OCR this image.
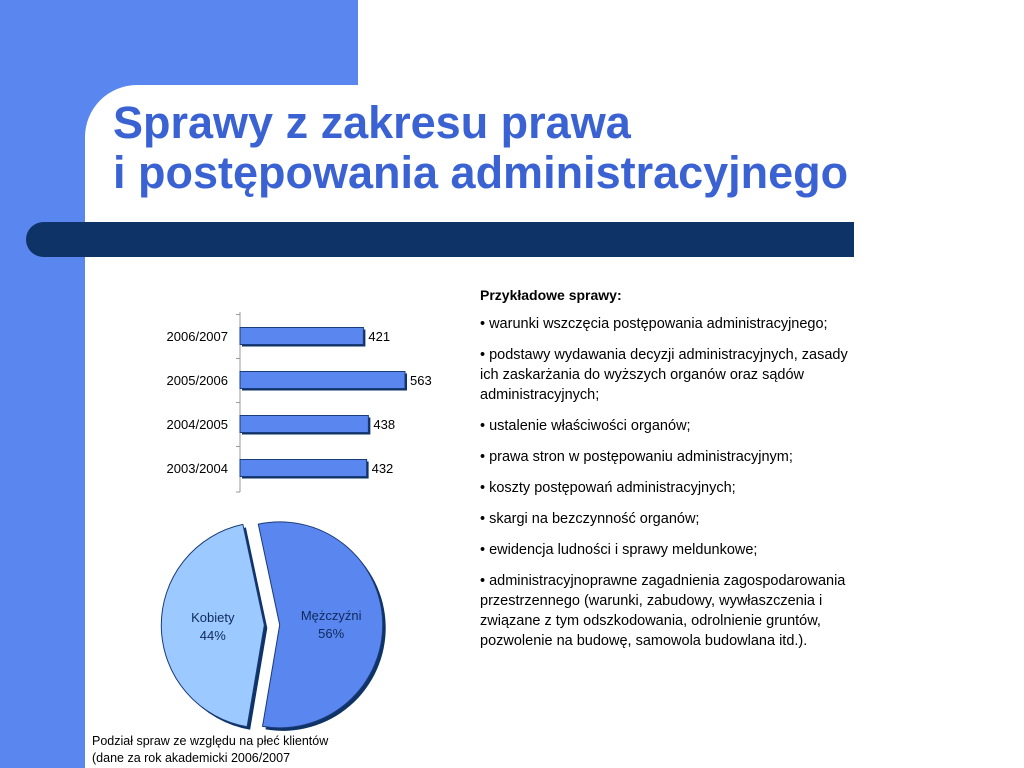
Sprawy z zakresu prawa
i postępowania administracyjnego
2006/2007	421
2005/2006	563
2004/2005	438
2003/2004	432
Kobiety
44%
Mężczyźni
56%

Podział spraw ze względu na płeć klientów
(dane za rok akademicki 2006/2007

Przykładowe sprawy:

• warunki wszczęcia postępowania administracyjnego;
• podstawy wydawania decyzji administracyjnych, zasady ich zaskarżania do wyższych organów oraz sądów administracyjnych;
• ustalenie właściwości organów;
• prawa stron w postępowaniu administracyjnym;
• koszty postępowań administracyjnych;
• skargi na bezczynność organów;
• ewidencja ludności i sprawy meldunkowe;
• administracyjnoprawne zagadnienia zagospodarowania przestrzennego (warunki, zabudowy, wywłaszczenia i związane z tym odszkodowania, odrolnienie gruntów, pozwolenie na budowę, samowola budowlana itd.).
